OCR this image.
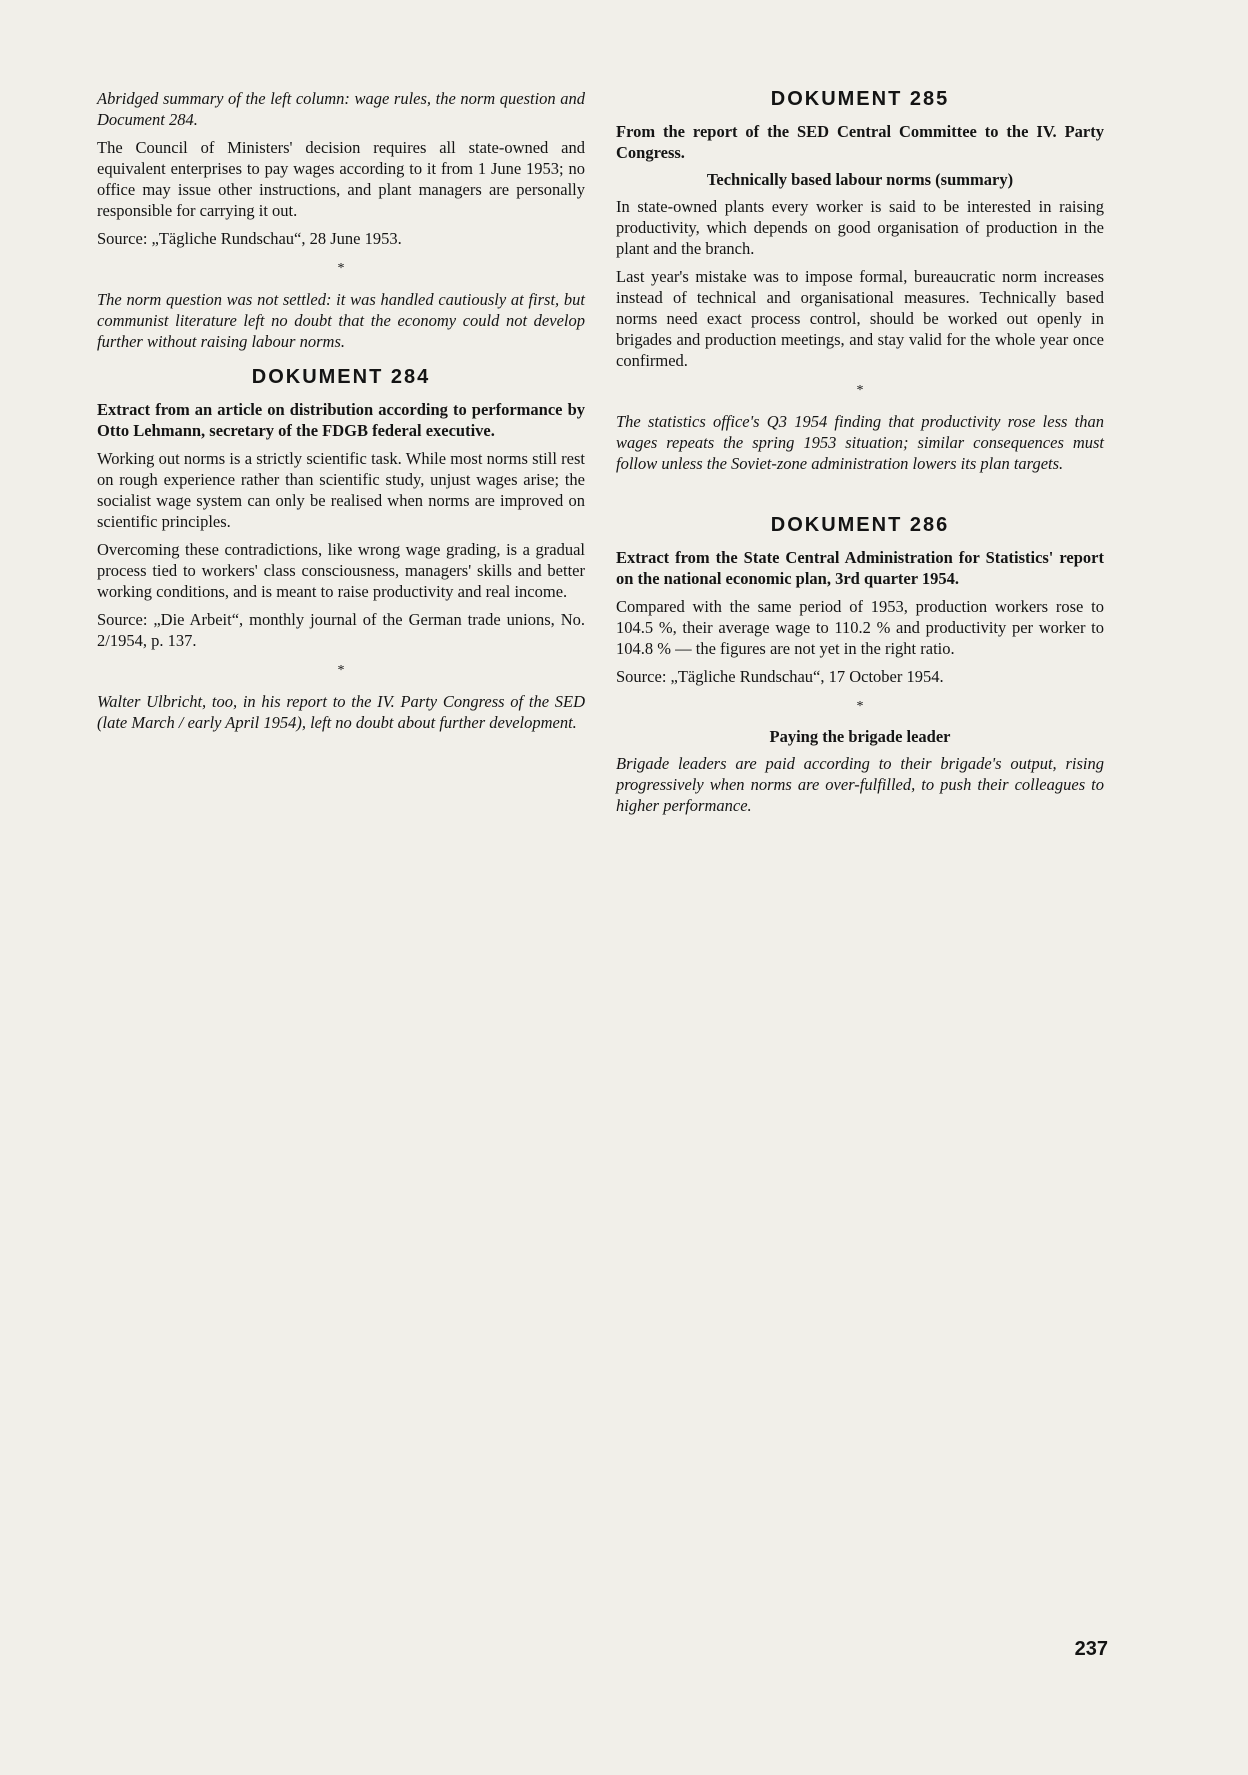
Abridged summary of the left column: wage rules, the norm question and Document 284.

The Council of Ministers' decision requires all state-owned and equivalent enterprises to pay wages according to it from 1 June 1953; no office may issue other instructions, and plant managers are personally responsible for carrying it out.

Source: „Tägliche Rundschau“, 28 June 1953.

*

The norm question was not settled: it was handled cautiously at first, but communist literature left no doubt that the economy could not develop further without raising labour norms.

DOKUMENT 284

Extract from an article on distribution according to performance by Otto Lehmann, secretary of the FDGB federal executive.

Working out norms is a strictly scientific task. While most norms still rest on rough experience rather than scientific study, unjust wages arise; the socialist wage system can only be realised when norms are improved on scientific principles.

Overcoming these contradictions, like wrong wage grading, is a gradual process tied to workers' class consciousness, managers' skills and better working conditions, and is meant to raise productivity and real income.

Source: „Die Arbeit“, monthly journal of the German trade unions, No. 2/1954, p. 137.

*

Walter Ulbricht, too, in his report to the IV. Party Congress of the SED (late March / early April 1954), left no doubt about further development.

DOKUMENT 285

From the report of the SED Central Committee to the IV. Party Congress.

Technically based labour norms (summary)

In state-owned plants every worker is said to be interested in raising productivity, which depends on good organisation of production in the plant and the branch.

Last year's mistake was to impose formal, bureaucratic norm increases instead of technical and organisational measures. Technically based norms need exact process control, should be worked out openly in brigades and production meetings, and stay valid for the whole year once confirmed.

*

The statistics office's Q3 1954 finding that productivity rose less than wages repeats the spring 1953 situation; similar consequences must follow unless the Soviet-zone administration lowers its plan targets.

DOKUMENT 286

Extract from the State Central Administration for Statistics' report on the national economic plan, 3rd quarter 1954.

Compared with the same period of 1953, production workers rose to 104.5 %, their average wage to 110.2 % and productivity per worker to 104.8 % — the figures are not yet in the right ratio.

Source: „Tägliche Rundschau“, 17 October 1954.

*
Paying the brigade leader

Brigade leaders are paid according to their brigade's output, rising progressively when norms are over-fulfilled, to push their colleagues to higher performance.

237
